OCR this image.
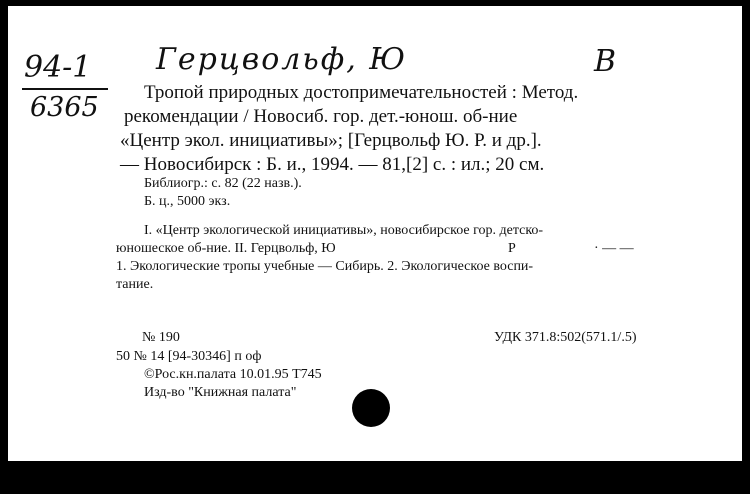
94-1
6365
Герцвольф, Ю	В
Тропой природных достопримечательностей : Метод.
рекомендации / Новосиб. гор. дет.-юнош. об-ние
«Центр экол. инициативы»; [Герцвольф Ю. Р. и др.].
— Новосибирск : Б. и., 1994. — 81,[2] с. : ил.; 20 см.
Библиогр.: с. 82 (22 назв.).
Б. ц., 5000 экз.
I. «Центр экологической инициативы», новосибирское гор. детско-
юношеское об-ние. II. Герцвольф, Ю	Р	· — —
1. Экологические тропы учебные — Сибирь. 2. Экологическое воспи-
тание.
№ 190	УДК 371.8:502(571.1/.5)
50 № 14 [94-30346] п оф
©Рос.кн.палата 10.01.95 Т745
Изд-во "Книжная палата"
